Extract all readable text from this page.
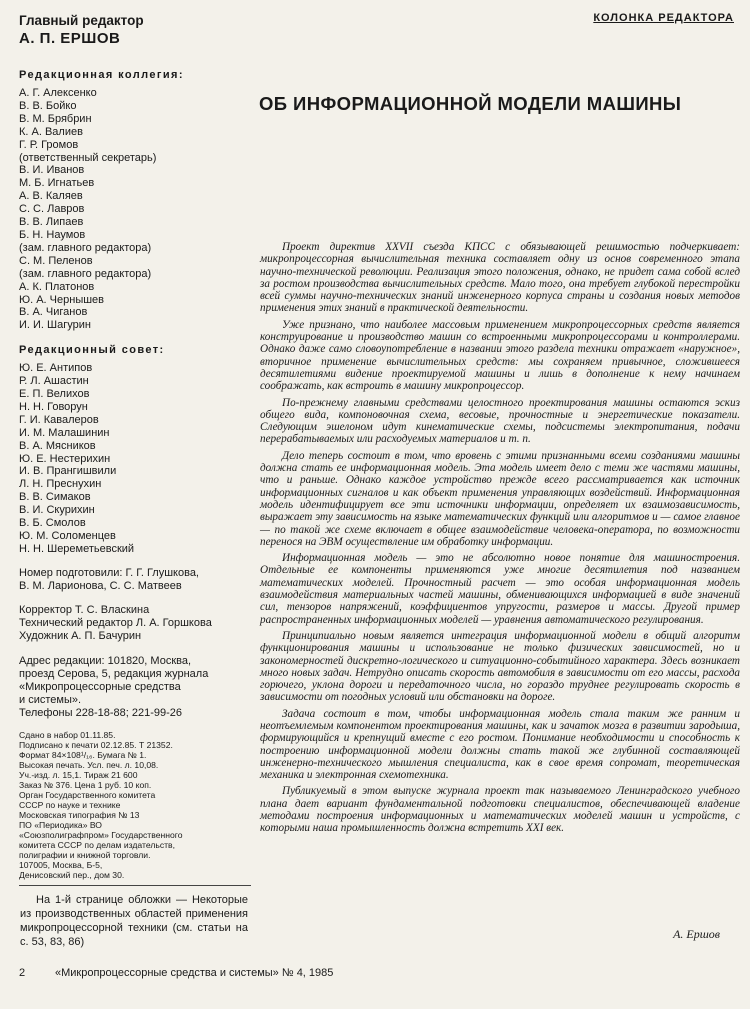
КОЛОНКА РЕДАКТОРА

Главный редактор

А. П. ЕРШОВ

Редакционная коллегия:

А. Г. Алексенко
В. В. Бойко
В. М. Брябрин
К. А. Валиев
Г. Р. Громов
(ответственный секретарь)
В. И. Иванов
М. Б. Игнатьев
А. В. Каляев
С. С. Лавров
В. В. Липаев
Б. Н. Наумов
(зам. главного редактора)
С. М. Пеленов
(зам. главного редактора)
А. К. Платонов
Ю. А. Чернышев
В. А. Чиганов
И. И. Шагурин

Редакционный совет:

Ю. Е. Антипов
Р. Л. Ашастин
Е. П. Велихов
Н. Н. Говорун
Г. И. Кавалеров
И. М. Малашинин
В. А. Мясников
Ю. Е. Нестерихин
И. В. Прангишвили
Л. Н. Преснухин
В. В. Симаков
В. И. Скурихин
В. Б. Смолов
Ю. М. Соломенцев
Н. Н. Шереметьевский

Номер подготовили: Г. Г. Глушкова,
В. М. Ларионова, С. С. Матвеев

Корректор Т. С. Власкина
Технический редактор Л. А. Горшкова
Художник А. П. Бачурин

Адрес редакции: 101820, Москва,
проезд Серова, 5, редакция журнала
«Микропроцессорные средства
и системы».
Телефоны 228-18-88; 221-99-26

Сдано в набор 01.11.85.
Подписано к печати 02.12.85. Т 21352.
Формат 84×108¹/₁₆. Бумага № 1.
Высокая печать. Усл. печ. л. 10,08.
Уч.-изд. л. 15,1. Тираж 21 600
Заказ № 376. Цена 1 руб. 10 коп.
Орган Государственного комитета
СССР по науке и технике
Московская типография № 13
ПО «Периодика» ВО
«Союзполиграфпром» Государственного
комитета СССР по делам издательств,
полиграфии и книжной торговли.
107005, Москва, Б-5,
Денисовский пер., дом 30.

На 1-й странице обложки — Некоторые из производственных областей применения микропроцессорной техники (см. статьи на с. 53, 83, 86)

ОБ ИНФОРМАЦИОННОЙ МОДЕЛИ МАШИНЫ

Проект директив XXVII съезда КПСС с обязывающей решимостью подчеркивает: микропроцессорная вычислительная техника составляет одну из основ современного этапа научно-технической революции. Реализация этого положения, однако, не придет сама собой вслед за ростом производства вычислительных средств. Мало того, она требует глубокой перестройки всей суммы научно-технических знаний инженерного корпуса страны и создания новых методов применения этих знаний в практической деятельности.

Уже признано, что наиболее массовым применением микропроцессорных средств является конструирование и производство машин со встроенными микропроцессорами и контроллерами. Однако даже само словоупотребление в названии этого раздела техники отражает «наружное», вторичное применение вычислительных средств: мы сохраняем привычное, сложившееся десятилетиями видение проектируемой машины и лишь в дополнение к нему начинаем соображать, как встроить в машину микропроцессор.

По-прежнему главными средствами целостного проектирования машины остаются эскиз общего вида, компоновочная схема, весовые, прочностные и энергетические показатели. Следующим эшелоном идут кинематические схемы, подсистемы электропитания, подачи перерабатываемых или расходуемых материалов и т. п.

Дело теперь состоит в том, что вровень с этими признанными всеми созданиями машины должна стать ее информационная модель. Эта модель имеет дело с теми же частями машины, что и раньше. Однако каждое устройство прежде всего рассматривается как источник информационных сигналов и как объект применения управляющих воздействий. Информационная модель идентифицирует все эти источники информации, определяет их взаимозависимость, выражает эту зависимость на языке математических функций или алгоритмов и — самое главное — по такой же схеме включает в общее взаимодействие человека-оператора, по возможности перенося на ЭВМ осуществление им обработку информации.

Информационная модель — это не абсолютно новое понятие для машиностроения. Отдельные ее компоненты применяются уже многие десятилетия под названием математических моделей. Прочностный расчет — это особая информационная модель взаимодействия материальных частей машины, обменивающихся информацией в виде значений сил, тензоров напряжений, коэффициентов упругости, размеров и массы. Другой пример распространенных информационных моделей — уравнения автоматического регулирования.

Принципиально новым является интеграция информационной модели в общий алгоритм функционирования машины и использование не только физических зависимостей, но и закономерностей дискретно-логического и ситуационно-событийного характера. Здесь возникает много новых задач. Нетрудно описать скорость автомобиля в зависимости от его массы, расхода горючего, уклона дороги и передаточного числа, но гораздо труднее регулировать скорость в зависимости от погодных условий или обстановки на дороге.

Задача состоит в том, чтобы информационная модель стала таким же ранним и неотъемлемым компонентом проектирования машины, как и зачаток мозга в развитии зародыша, формирующийся и крепнущий вместе с его ростом. Понимание необходимости и способность к построению информационной модели должны стать такой же глубинной составляющей инженерно-технического мышления специалиста, как в свое время сопромат, теоретическая механика и электронная схемотехника.

Публикуемый в этом выпуске журнала проект так называемого Ленинградского учебного плана дает вариант фундаментальной подготовки специалистов, обеспечивающей владение методами построения информационных и математических моделей машин и устройств, с которыми наша промышленность должна встретить XXI век.

А. Ершов
2	«Микропроцессорные средства и системы» № 4, 1985
